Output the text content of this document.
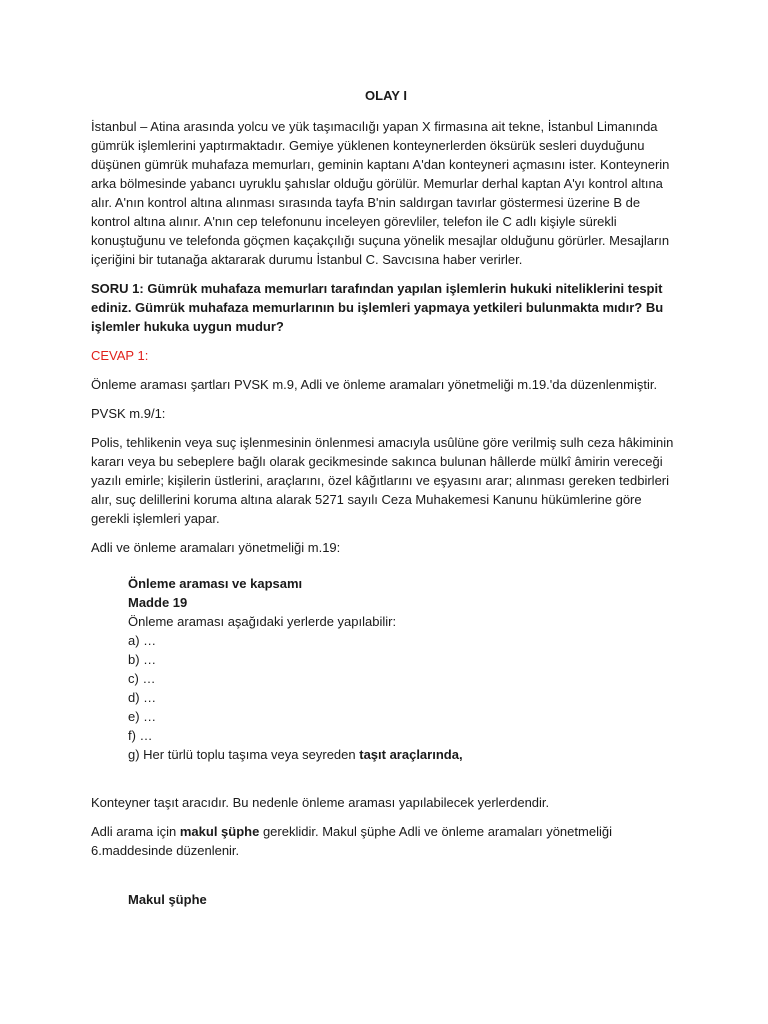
OLAY I

İstanbul – Atina arasında yolcu ve yük taşımacılığı yapan X firmasına ait tekne, İstanbul Limanında gümrük işlemlerini yaptırmaktadır. Gemiye yüklenen konteynerlerden öksürük sesleri duyduğunu düşünen gümrük muhafaza memurları, geminin kaptanı A'dan konteyneri açmasını ister. Konteynerin arka bölmesinde yabancı uyruklu şahıslar olduğu görülür. Memurlar derhal kaptan A'yı kontrol altına alır. A'nın kontrol altına alınması sırasında tayfa B'nin saldırgan tavırlar göstermesi üzerine B de kontrol altına alınır. A'nın cep telefonunu inceleyen görevliler, telefon ile C adlı kişiyle sürekli konuştuğunu ve telefonda göçmen kaçakçılığı suçuna yönelik mesajlar olduğunu görürler. Mesajların içeriğini bir tutanağa aktararak durumu İstanbul C. Savcısına haber verirler.

SORU 1: Gümrük muhafaza memurları tarafından yapılan işlemlerin hukuki niteliklerini tespit ediniz. Gümrük muhafaza memurlarının bu işlemleri yapmaya yetkileri bulunmakta mıdır? Bu işlemler hukuka uygun mudur?

CEVAP 1:

Önleme araması şartları PVSK m.9, Adli ve önleme aramaları yönetmeliği m.19.'da düzenlenmiştir.

PVSK m.9/1:

Polis, tehlikenin veya suç işlenmesinin önlenmesi amacıyla usûlüne göre verilmiş sulh ceza hâkiminin kararı veya bu sebeplere bağlı olarak gecikmesinde sakınca bulunan hâllerde mülkî âmirin vereceği yazılı emirle; kişilerin üstlerini, araçlarını, özel kâğıtlarını ve eşyasını arar; alınması gereken tedbirleri alır, suç delillerini koruma altına alarak 5271 sayılı Ceza Muhakemesi Kanunu hükümlerine göre gerekli işlemleri yapar.

Adli ve önleme aramaları yönetmeliği m.19:

Önleme araması ve kapsamı

Madde 19

Önleme araması aşağıdaki yerlerde yapılabilir:

a) …

b) …

c) …

d) …

e) …

f) …

g) Her türlü toplu taşıma veya seyreden taşıt araçlarında,

Konteyner taşıt aracıdır. Bu nedenle önleme araması yapılabilecek yerlerdendir.

Adli arama için makul şüphe gereklidir. Makul şüphe Adli ve önleme aramaları yönetmeliği 6.maddesinde düzenlenir.

Makul şüphe
